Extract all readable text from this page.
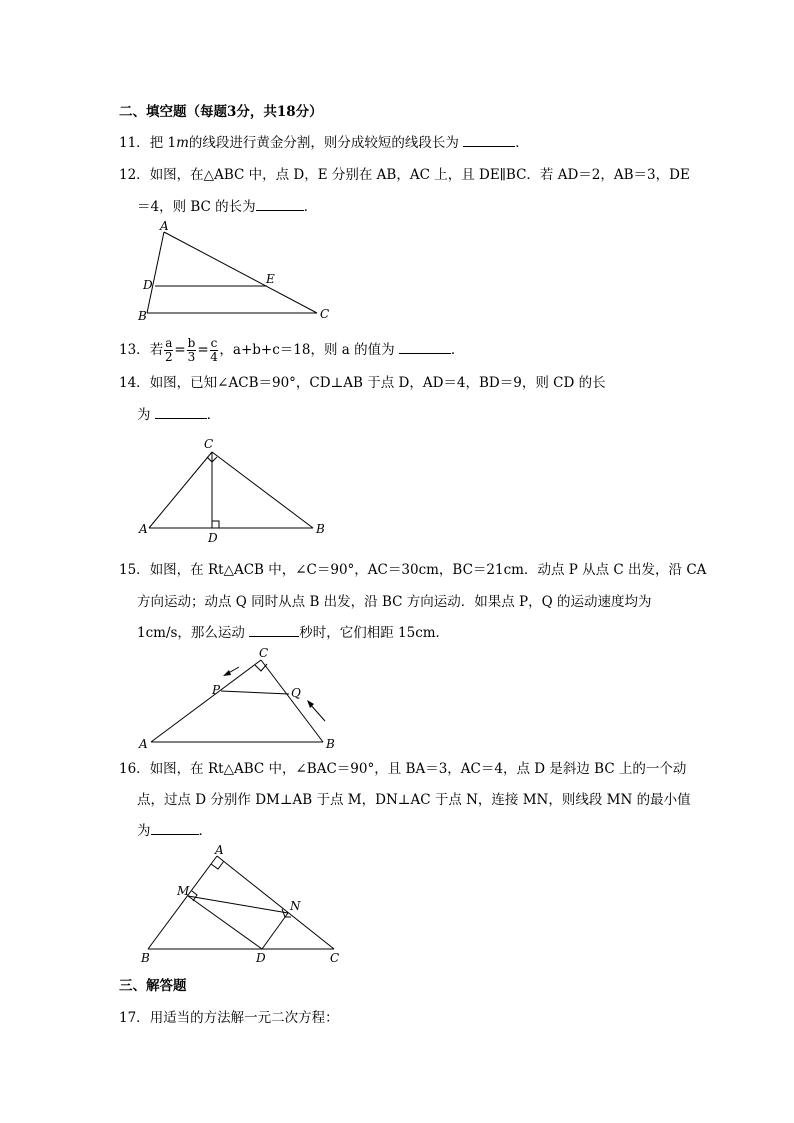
二、填空题（每题3分，共18分）
11．把 1m的线段进行黄金分割，则分成较短的线段长为	．
12．如图，在△ABC 中，点 D，E 分别在 AB，AC 上，且 DE∥BC．若 AD＝2，AB＝3，DE
＝4，则 BC 的长为	．
A
B	C
D	E
13．若 $\frac{a}{2} = \frac{b}{3} = \frac{c}{4}$ ，a+b+c＝18，则 a 的值为	．
14．如图，已知∠ACB＝90°，CD⊥AB 于点 D，AD＝4，BD＝9，则 CD 的长
为	．
C
A	B
D
15．如图，在 Rt△ACB 中，∠C＝90°，AC＝30cm，BC＝21cm．动点 P 从点 C 出发，沿 CA
方向运动；动点 Q 同时从点 B 出发，沿 BC 方向运动．如果点 P，Q 的运动速度均为
1cm/s，那么运动	秒时，它们相距 15cm．
C
P	Q
A	B
16．如图，在 Rt△ABC 中，∠BAC＝90°，且 BA＝3，AC＝4，点 D 是斜边 BC 上的一个动
点，过点 D 分别作 DM⊥AB 于点 M，DN⊥AC 于点 N，连接 MN，则线段 MN 的最小值
为	．
A
M
N
B	D	C
三、解答题
17．用适当的方法解一元二次方程：
